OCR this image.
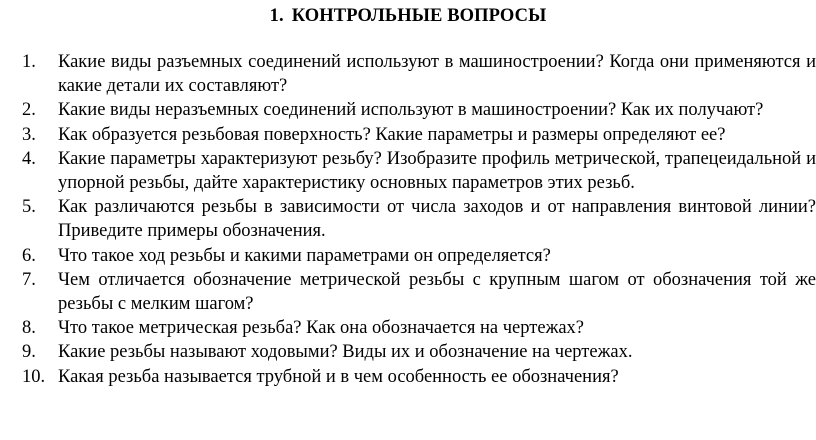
1. КОНТРОЛЬНЫЕ ВОПРОСЫ
1.	Какие виды разъемных соединений используют в машиностроении? Когда они применяются и какие детали их составляют?
2.	Какие виды неразъемных соединений используют в машиностроении? Как их получают?
3.	Как образуется резьбовая поверхность? Какие параметры и размеры определяют ее?
4.	Какие параметры характеризуют резьбу? Изобразите профиль метрической, трапецеидальной и упорной резьбы, дайте характеристику основных параметров этих резьб.
5.	Как различаются резьбы в зависимости от числа заходов и от направления винтовой линии? Приведите примеры обозначения.
6.	Что такое ход резьбы и какими параметрами он определяется?
7.	Чем отличается обозначение метрической резьбы с крупным шагом от обозначения той же резьбы с мелким шагом?
8.	Что такое метрическая резьба? Как она обозначается на чертежах?
9.	Какие резьбы называют ходовыми? Виды их и обозначение на чертежах.
10. Какая резьба называется трубной и в чем особенность ее обозначения?
